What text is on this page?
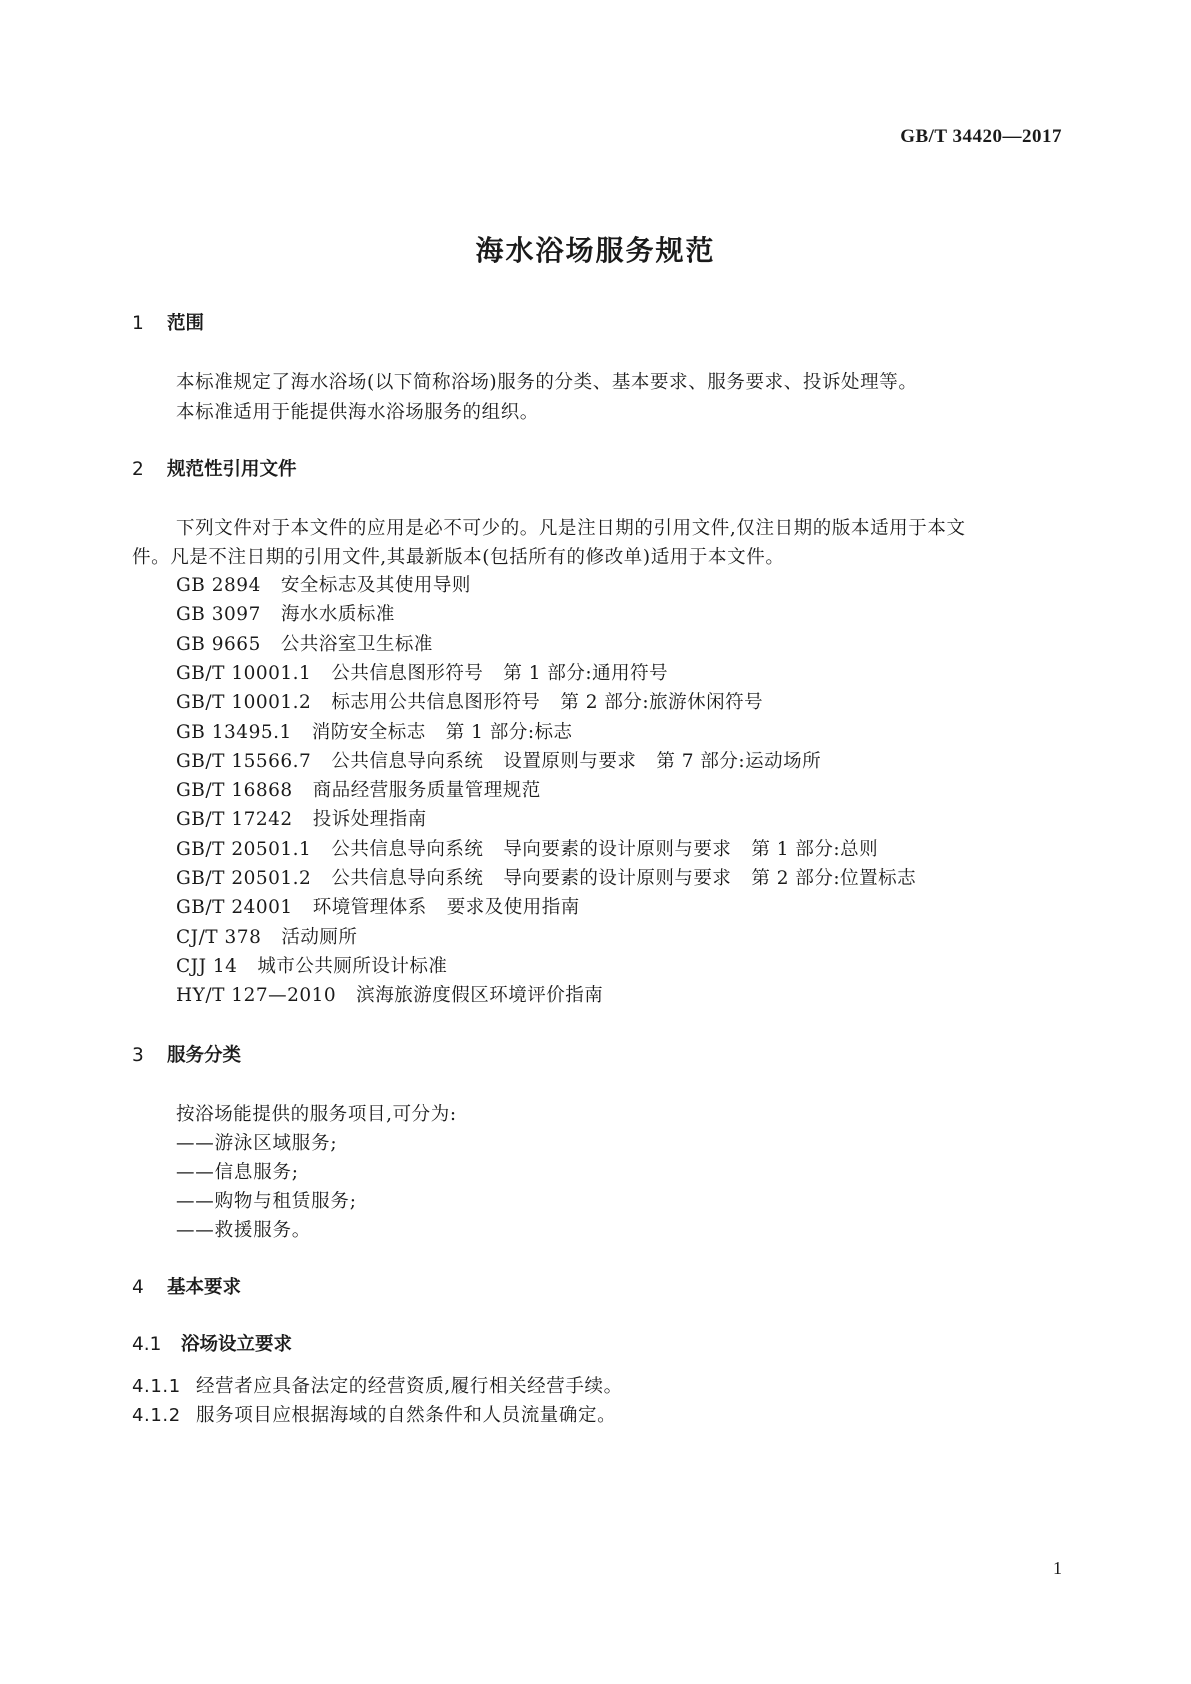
GB/T 34420—2017
海水浴场服务规范
1 范围
本标准规定了海水浴场(以下简称浴场)服务的分类、基本要求、服务要求、投诉处理等。
本标准适用于能提供海水浴场服务的组织。
2 规范性引用文件
下列文件对于本文件的应用是必不可少的。凡是注日期的引用文件,仅注日期的版本适用于本文
件。凡是不注日期的引用文件,其最新版本(包括所有的修改单)适用于本文件。
GB 2894 安全标志及其使用导则
GB 3097 海水水质标准
GB 9665 公共浴室卫生标准
GB/T 10001.1 公共信息图形符号 第 1 部分:通用符号
GB/T 10001.2 标志用公共信息图形符号 第 2 部分:旅游休闲符号
GB 13495.1 消防安全标志 第 1 部分:标志
GB/T 15566.7 公共信息导向系统 设置原则与要求 第 7 部分:运动场所
GB/T 16868 商品经营服务质量管理规范
GB/T 17242 投诉处理指南
GB/T 20501.1 公共信息导向系统 导向要素的设计原则与要求 第 1 部分:总则
GB/T 20501.2 公共信息导向系统 导向要素的设计原则与要求 第 2 部分:位置标志
GB/T 24001 环境管理体系 要求及使用指南
CJ/T 378 活动厕所
CJJ 14 城市公共厕所设计标准
HY/T 127—2010 滨海旅游度假区环境评价指南
3 服务分类
按浴场能提供的服务项目,可分为:
——游泳区域服务;
——信息服务;
——购物与租赁服务;
——救援服务。
4 基本要求
4.1 浴场设立要求
4.1.1 经营者应具备法定的经营资质,履行相关经营手续。
4.1.2 服务项目应根据海域的自然条件和人员流量确定。
1
